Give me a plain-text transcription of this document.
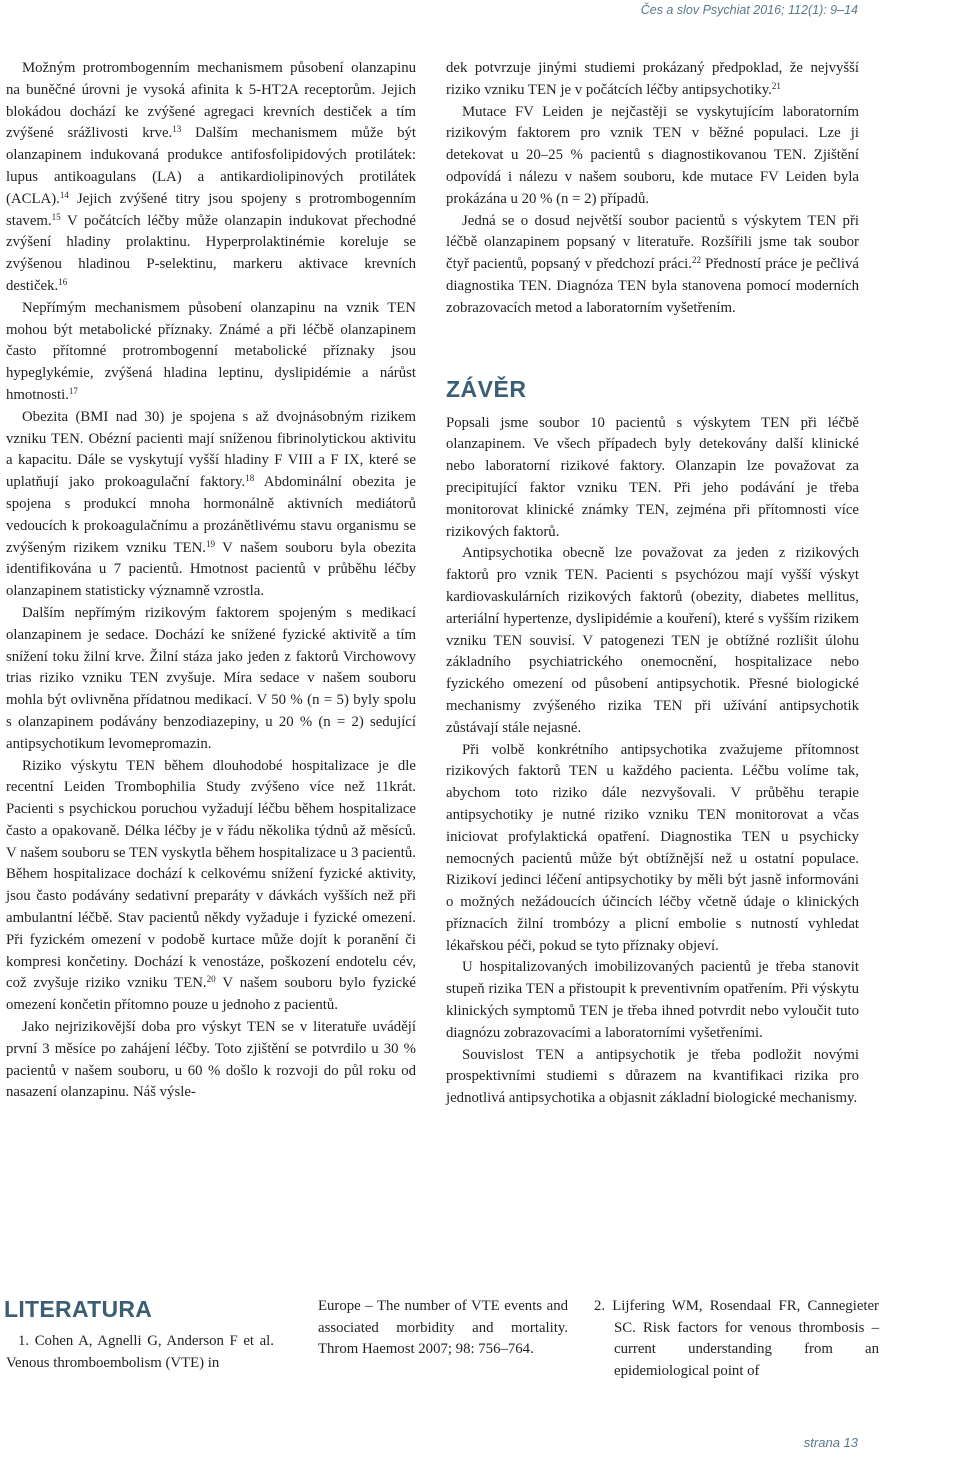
Čes a slov Psychiat 2016; 112(1): 9–14

Možným protrombogenním mechanismem působení olanzapinu na buněčné úrovni je vysoká afinita k 5-HT2A receptorům. Jejich blokádou dochází ke zvýšené agregaci krevních destiček a tím zvýšené srážlivosti krve.$^{13}$ Dalším mechanismem může být olanzapinem indukovaná produkce antifosfolipidových protilátek: lupus antikoagulans (LA) a antikardiolipinových protilátek (ACLA).$^{14}$ Jejich zvýšené titry jsou spojeny s protrombogenním stavem.$^{15}$ V počátcích léčby může olanzapin indukovat přechodné zvýšení hladiny prolaktinu. Hyperprolaktinémie koreluje se zvýšenou hladinou P-selektinu, markeru aktivace krevních destiček.$^{16}$

Nepřímým mechanismem působení olanzapinu na vznik TEN mohou být metabolické příznaky. Známé a při léčbě olanzapinem často přítomné protrombogenní metabolické příznaky jsou hypeglykémie, zvýšená hladina leptinu, dyslipidémie a nárůst hmotnosti.$^{17}$

Obezita (BMI nad 30) je spojena s až dvojnásobným rizikem vzniku TEN. Obézní pacienti mají sníženou fibrinolytickou aktivitu a kapacitu. Dále se vyskytují vyšší hladiny F VIII a F IX, které se uplatňují jako prokoagulační faktory.$^{18}$ Abdominální obezita je spojena s produkcí mnoha hormonálně aktivních mediátorů vedoucích k prokoagulačnímu a prozánětlivému stavu organismu se zvýšeným rizikem vzniku TEN.$^{19}$ V našem souboru byla obezita identifikována u 7 pacientů. Hmotnost pacientů v průběhu léčby olanzapinem statisticky významně vzrostla.

Dalším nepřímým rizikovým faktorem spojeným s medikací olanzapinem je sedace. Dochází ke snížené fyzické aktivitě a tím snížení toku žilní krve. Žilní stáza jako jeden z faktorů Virchowovy trias riziko vzniku TEN zvyšuje. Míra sedace v našem souboru mohla být ovlivněna přídatnou medikací. V 50 % (n = 5) byly spolu s olanzapinem podávány benzodiazepiny, u 20 % (n = 2) sedující antipsychotikum levomepromazin.

Riziko výskytu TEN během dlouhodobé hospitalizace je dle recentní Leiden Trombophilia Study zvýšeno více než 11krát. Pacienti s psychickou poruchou vyžadují léčbu během hospitalizace často a opakovaně. Délka léčby je v řádu několika týdnů až měsíců. V našem souboru se TEN vyskytla během hospitalizace u 3 pacientů. Během hospitalizace dochází k celkovému snížení fyzické aktivity, jsou často podávány sedativní preparáty v dávkách vyšších než při ambulantní léčbě. Stav pacientů někdy vyžaduje i fyzické omezení. Při fyzickém omezení v podobě kurtace může dojít k poranění či kompresi končetiny. Dochází k venostáze, poškození endotelu cév, což zvyšuje riziko vzniku TEN.$^{20}$ V našem souboru bylo fyzické omezení končetin přítomno pouze u jednoho z pacientů.

Jako nejrizikovější doba pro výskyt TEN se v literatuře uvádějí první 3 měsíce po zahájení léčby. Toto zjištění se potvrdilo u 30 % pacientů v našem souboru, u 60 % došlo k rozvoji do půl roku od nasazení olanzapinu. Náš výsle-

dek potvrzuje jinými studiemi prokázaný předpoklad, že nejvyšší riziko vzniku TEN je v počátcích léčby antipsychotiky.$^{21}$

Mutace FV Leiden je nejčastěji se vyskytujícím laboratorním rizikovým faktorem pro vznik TEN v běžné populaci. Lze ji detekovat u 20–25 % pacientů s diagnostikovanou TEN. Zjištění odpovídá i nálezu v našem souboru, kde mutace FV Leiden byla prokázána u 20 % (n = 2) případů.

Jedná se o dosud největší soubor pacientů s výskytem TEN při léčbě olanzapinem popsaný v literatuře. Rozšířili jsme tak soubor čtyř pacientů, popsaný v předchozí práci.$^{22}$ Předností práce je pečlivá diagnostika TEN. Diagnóza TEN byla stanovena pomocí moderních zobrazovacích metod a laboratorním vyšetřením.

ZÁVĚR

Popsali jsme soubor 10 pacientů s výskytem TEN při léčbě olanzapinem. Ve všech případech byly detekovány další klinické nebo laboratorní rizikové faktory. Olanzapin lze považovat za precipitující faktor vzniku TEN. Při jeho podávání je třeba monitorovat klinické známky TEN, zejména při přítomnosti více rizikových faktorů.

Antipsychotika obecně lze považovat za jeden z rizikových faktorů pro vznik TEN. Pacienti s psychózou mají vyšší výskyt kardiovaskulárních rizikových faktorů (obezity, diabetes mellitus, arteriální hypertenze, dyslipidémie a kouření), které s vyšším rizikem vzniku TEN souvisí. V patogenezi TEN je obtížné rozlišit úlohu základního psychiatrického onemocnění, hospitalizace nebo fyzického omezení od působení antipsychotik. Přesné biologické mechanismy zvýšeného rizika TEN při užívání antipsychotik zůstávají stále nejasné.

Při volbě konkrétního antipsychotika zvažujeme přítomnost rizikových faktorů TEN u každého pacienta. Léčbu volíme tak, abychom toto riziko dále nezvyšovali. V průběhu terapie antipsychotiky je nutné riziko vzniku TEN monitorovat a včas iniciovat profylaktická opatření. Diagnostika TEN u psychicky nemocných pacientů může být obtížnější než u ostatní populace. Rizikoví jedinci léčení antipsychotiky by měli být jasně informováni o možných nežádoucích účincích léčby včetně údaje o klinických příznacích žilní trombózy a plicní embolie s nutností vyhledat lékařskou péči, pokud se tyto příznaky objeví.

U hospitalizovaných imobilizovaných pacientů je třeba stanovit stupeň rizika TEN a přistoupit k preventivním opatřením. Při výskytu klinických symptomů TEN je třeba ihned potvrdit nebo vyloučit tuto diagnózu zobrazovacími a laboratorními vyšetřeními.

Souvislost TEN a antipsychotik je třeba podložit novými prospektivními studiemi s důrazem na kvantifikaci rizika pro jednotlivá antipsychotika a objasnit základní biologické mechanismy.

LITERATURA

1. Cohen A, Agnelli G, Anderson F et al. Venous thromboembolism (VTE) in

Europe – The number of VTE events and associated morbidity and mortality. Throm Haemost 2007; 98: 756–764.

2. Lijfering WM, Rosendaal FR, Cannegieter SC. Risk factors for venous thrombosis – current understanding from an epidemiological point of

strana 13
